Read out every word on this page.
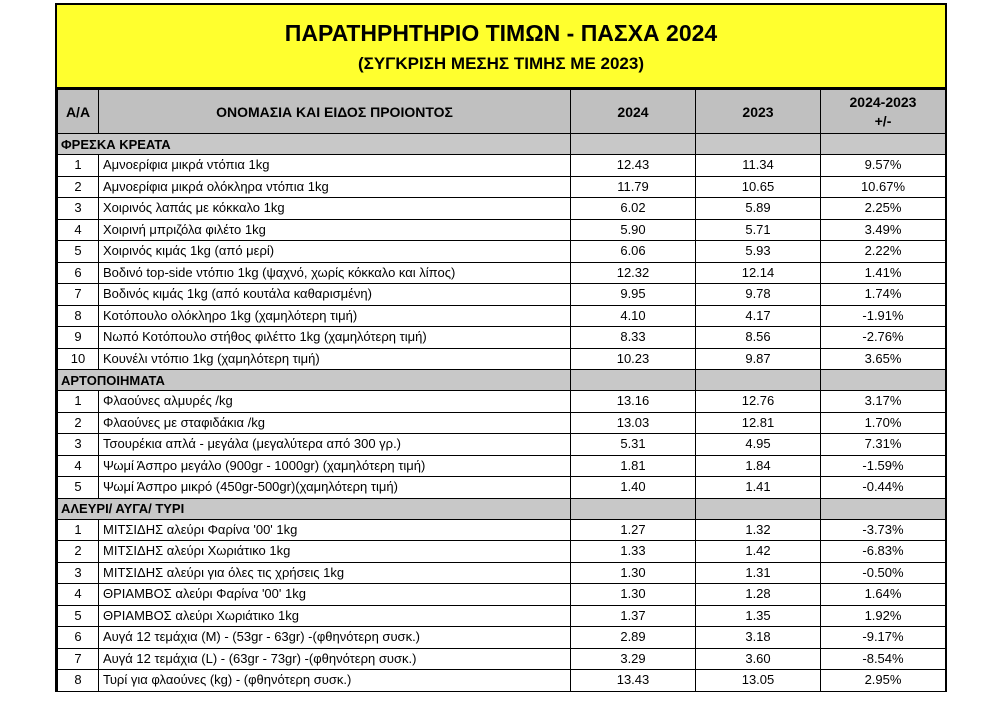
ΠΑΡΑΤΗΡΗΤΗΡΙΟ ΤΙΜΩΝ - ΠΑΣΧΑ 2024
(ΣΥΓΚΡΙΣΗ ΜΕΣΗΣ ΤΙΜΗΣ ΜΕ 2023)
Α/Α	ΟΝΟΜΑΣΙΑ ΚΑΙ ΕΙΔΟΣ ΠΡΟΙΟΝΤΟΣ	2024	2023	2024-2023
+/-
ΦΡΕΣΚΑ ΚΡΕΑΤΑ				
1	Αμνοερίφια μικρά ντόπια 1kg	12.43	11.34	9.57%
2	Αμνοερίφια μικρά ολόκληρα ντόπια 1kg	11.79	10.65	10.67%
3	Χοιρινός λαπάς με κόκκαλο 1kg	6.02	5.89	2.25%
4	Χοιρινή μπριζόλα φιλέτο 1kg	5.90	5.71	3.49%
5	Χοιρινός κιμάς 1kg (από μερί)	6.06	5.93	2.22%
6	Βοδινό top-side ντόπιο 1kg (ψαχνό, χωρίς κόκκαλο και λίπος)	12.32	12.14	1.41%
7	Βοδινός κιμάς 1kg (από κουτάλα καθαρισμένη)	9.95	9.78	1.74%
8	Κοτόπουλο ολόκληρο 1kg (χαμηλότερη τιμή)	4.10	4.17	-1.91%
9	Νωπό Κοτόπουλο στήθος φιλέττο 1kg (χαμηλότερη τιμή)	8.33	8.56	-2.76%
10	Κουνέλι ντόπιο 1kg (χαμηλότερη τιμή)	10.23	9.87	3.65%
ΑΡΤΟΠΟΙΗΜΑΤΑ				
1	Φλαούνες αλμυρές /kg	13.16	12.76	3.17%
2	Φλαούνες με σταφιδάκια /kg	13.03	12.81	1.70%
3	Τσουρέκια απλά - μεγάλα (μεγαλύτερα από 300 γρ.)	5.31	4.95	7.31%
4	Ψωμί Άσπρο μεγάλο (900gr - 1000gr) (χαμηλότερη τιμή)	1.81	1.84	-1.59%
5	Ψωμί Άσπρο μικρό (450gr-500gr)(χαμηλότερη τιμή)	1.40	1.41	-0.44%
ΑΛΕΥΡΙ/ ΑΥΓΑ/ ΤΥΡΙ				
1	ΜΙΤΣΙΔΗΣ αλεύρι Φαρίνα '00' 1kg	1.27	1.32	-3.73%
2	ΜΙΤΣΙΔΗΣ αλεύρι Χωριάτικο 1kg	1.33	1.42	-6.83%
3	ΜΙΤΣΙΔΗΣ αλεύρι για όλες τις χρήσεις 1kg	1.30	1.31	-0.50%
4	ΘΡΙΑΜΒΟΣ αλεύρι Φαρίνα '00' 1kg	1.30	1.28	1.64%
5	ΘΡΙΑΜΒΟΣ αλεύρι Χωριάτικο 1kg	1.37	1.35	1.92%
6	Αυγά 12 τεμάχια (M) - (53gr - 63gr) -(φθηνότερη συσκ.)	2.89	3.18	-9.17%
7	Αυγά 12 τεμάχια (L) - (63gr - 73gr) -(φθηνότερη συσκ.)	3.29	3.60	-8.54%
8	Τυρί για φλαούνες (kg) - (φθηνότερη συσκ.)	13.43	13.05	2.95%
